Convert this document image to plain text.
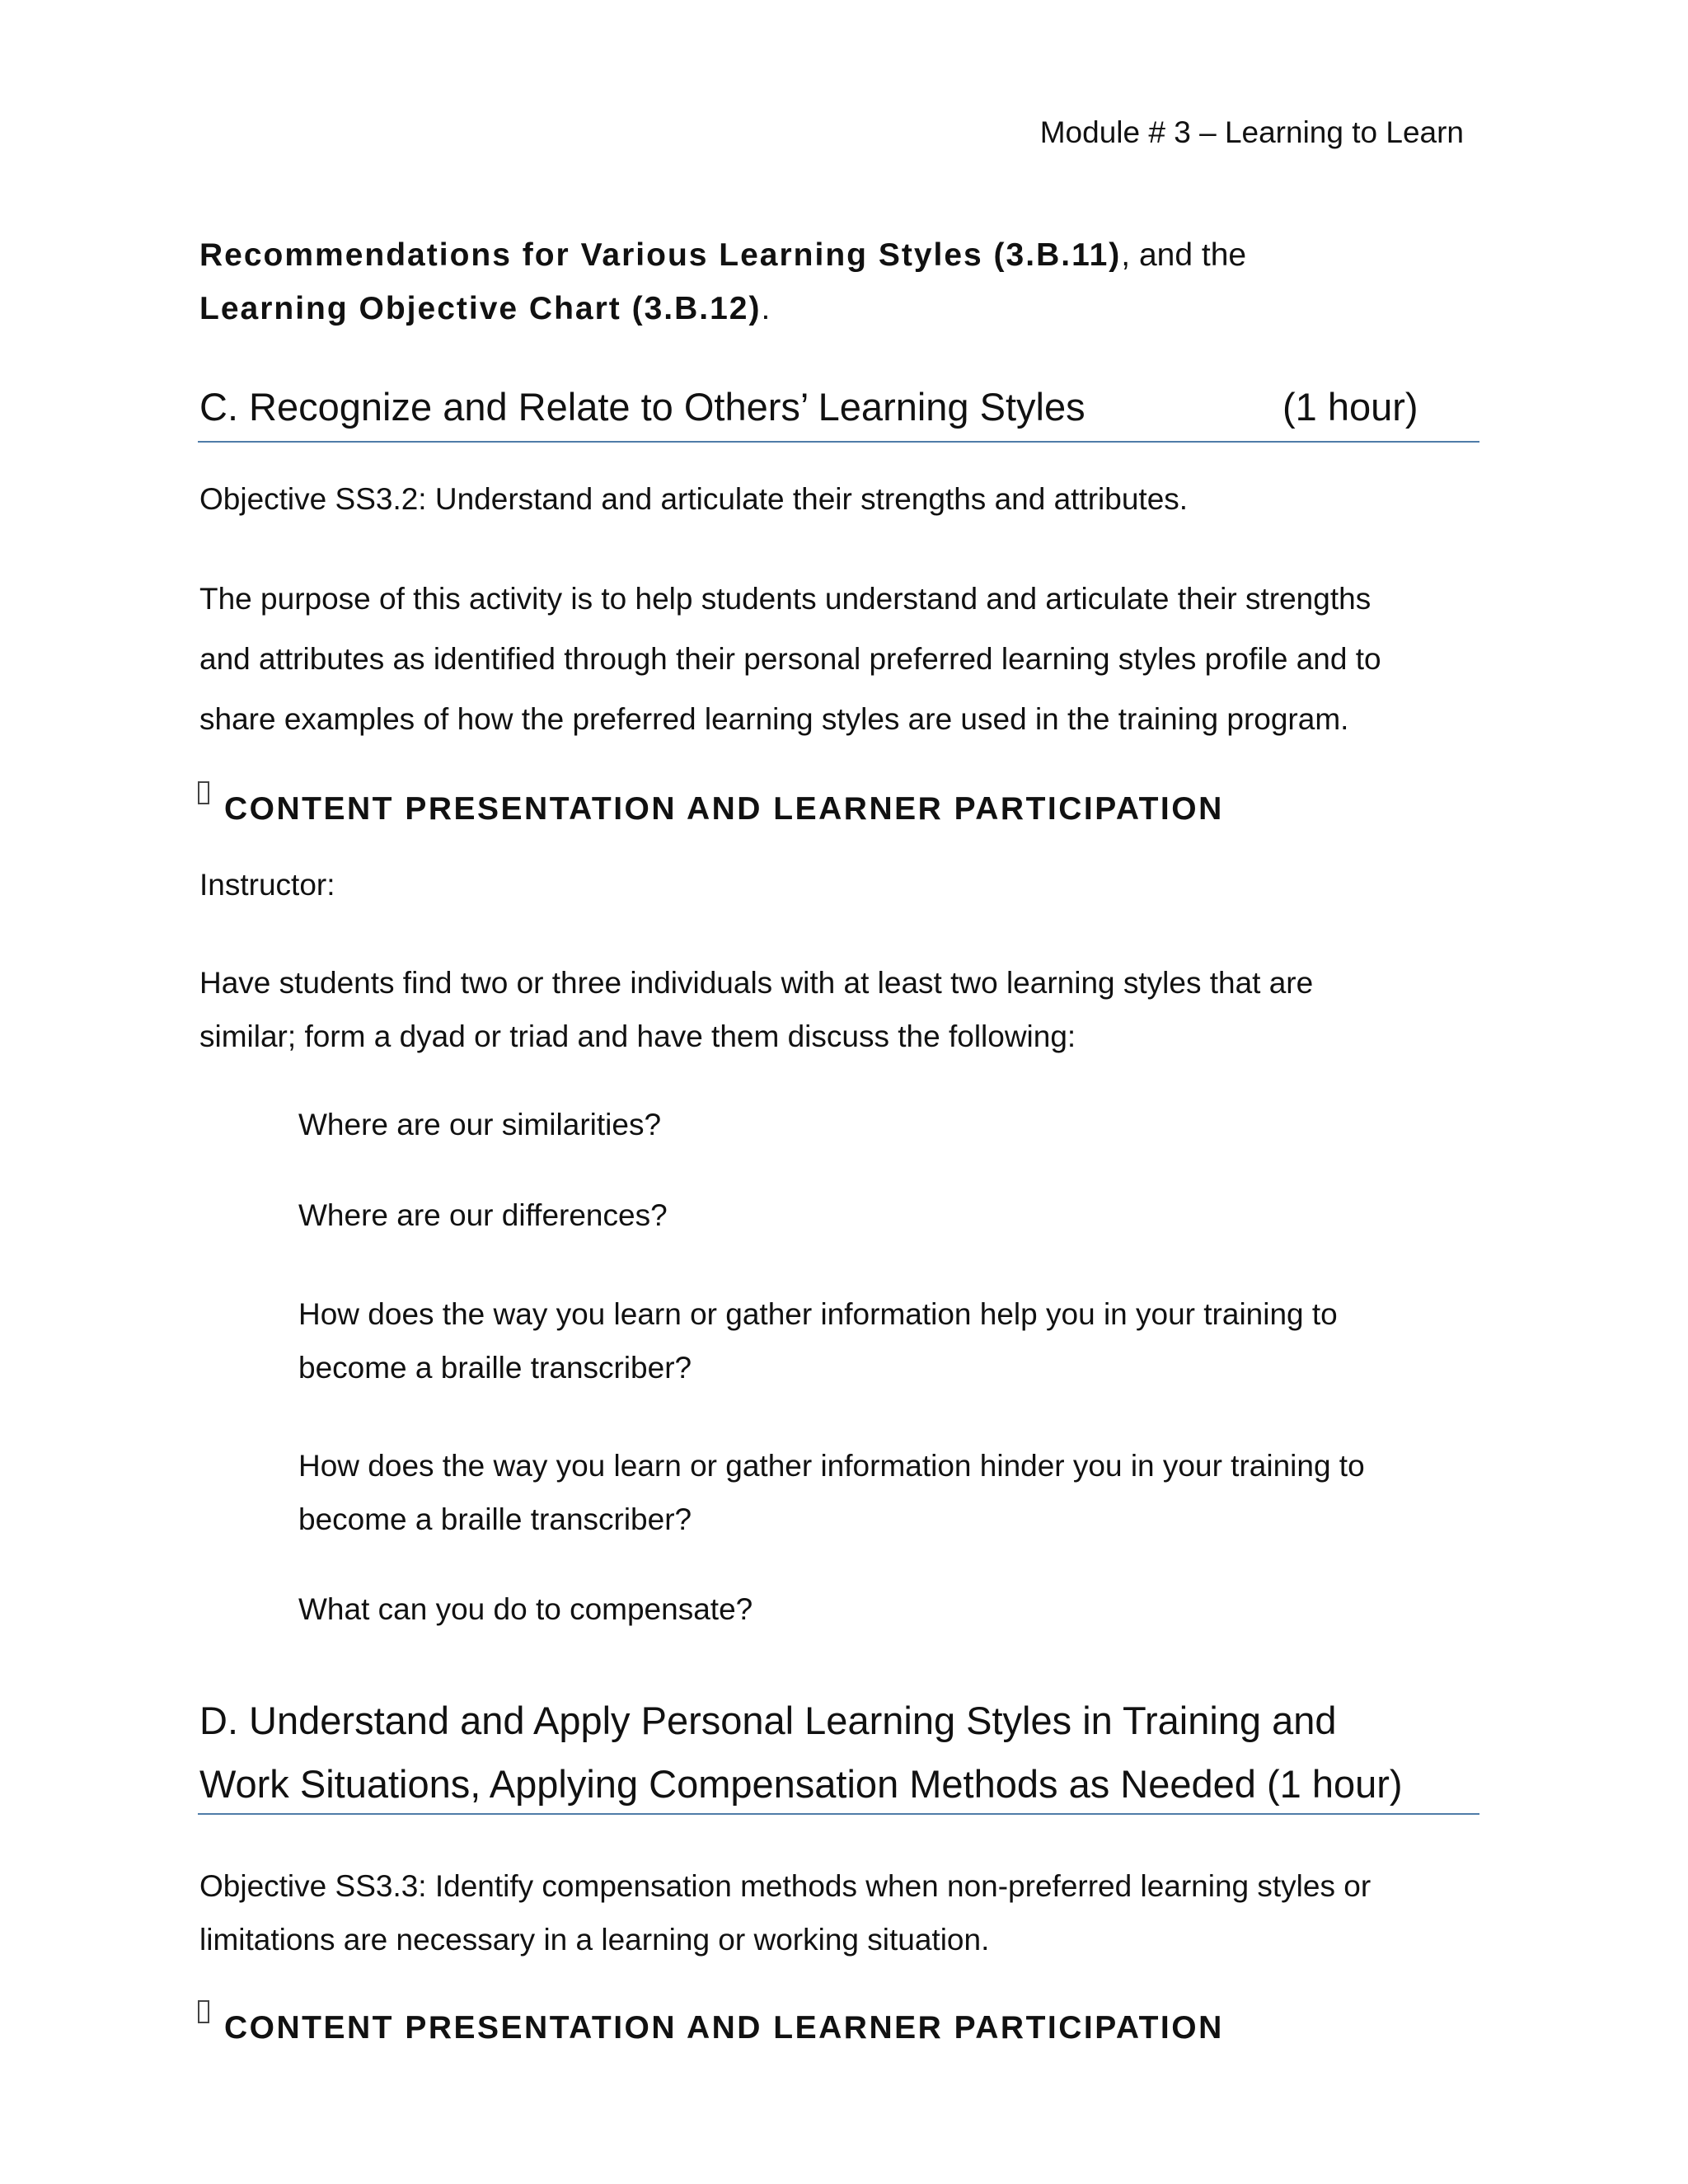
Module # 3 – Learning to Learn

Recommendations for Various Learning Styles (3.B.11), and the

Learning Objective Chart (3.B.12).

C. Recognize and Relate to Others’ Learning Styles	(1 hour)

Objective SS3.2: Understand and articulate their strengths and attributes.

The purpose of this activity is to help students understand and articulate their strengths

and attributes as identified through their personal preferred learning styles profile and to

share examples of how the preferred learning styles are used in the training program.

CONTENT PRESENTATION AND LEARNER PARTICIPATION

Instructor:

Have students find two or three individuals with at least two learning styles that are

similar; form a dyad or triad and have them discuss the following:

Where are our similarities?

Where are our differences?

How does the way you learn or gather information help you in your training to

become a braille transcriber?

How does the way you learn or gather information hinder you in your training to

become a braille transcriber?

What can you do to compensate?

D. Understand and Apply Personal Learning Styles in Training and

Work Situations, Applying Compensation Methods as Needed (1 hour)

Objective SS3.3: Identify compensation methods when non-preferred learning styles or

limitations are necessary in a learning or working situation.

CONTENT PRESENTATION AND LEARNER PARTICIPATION
